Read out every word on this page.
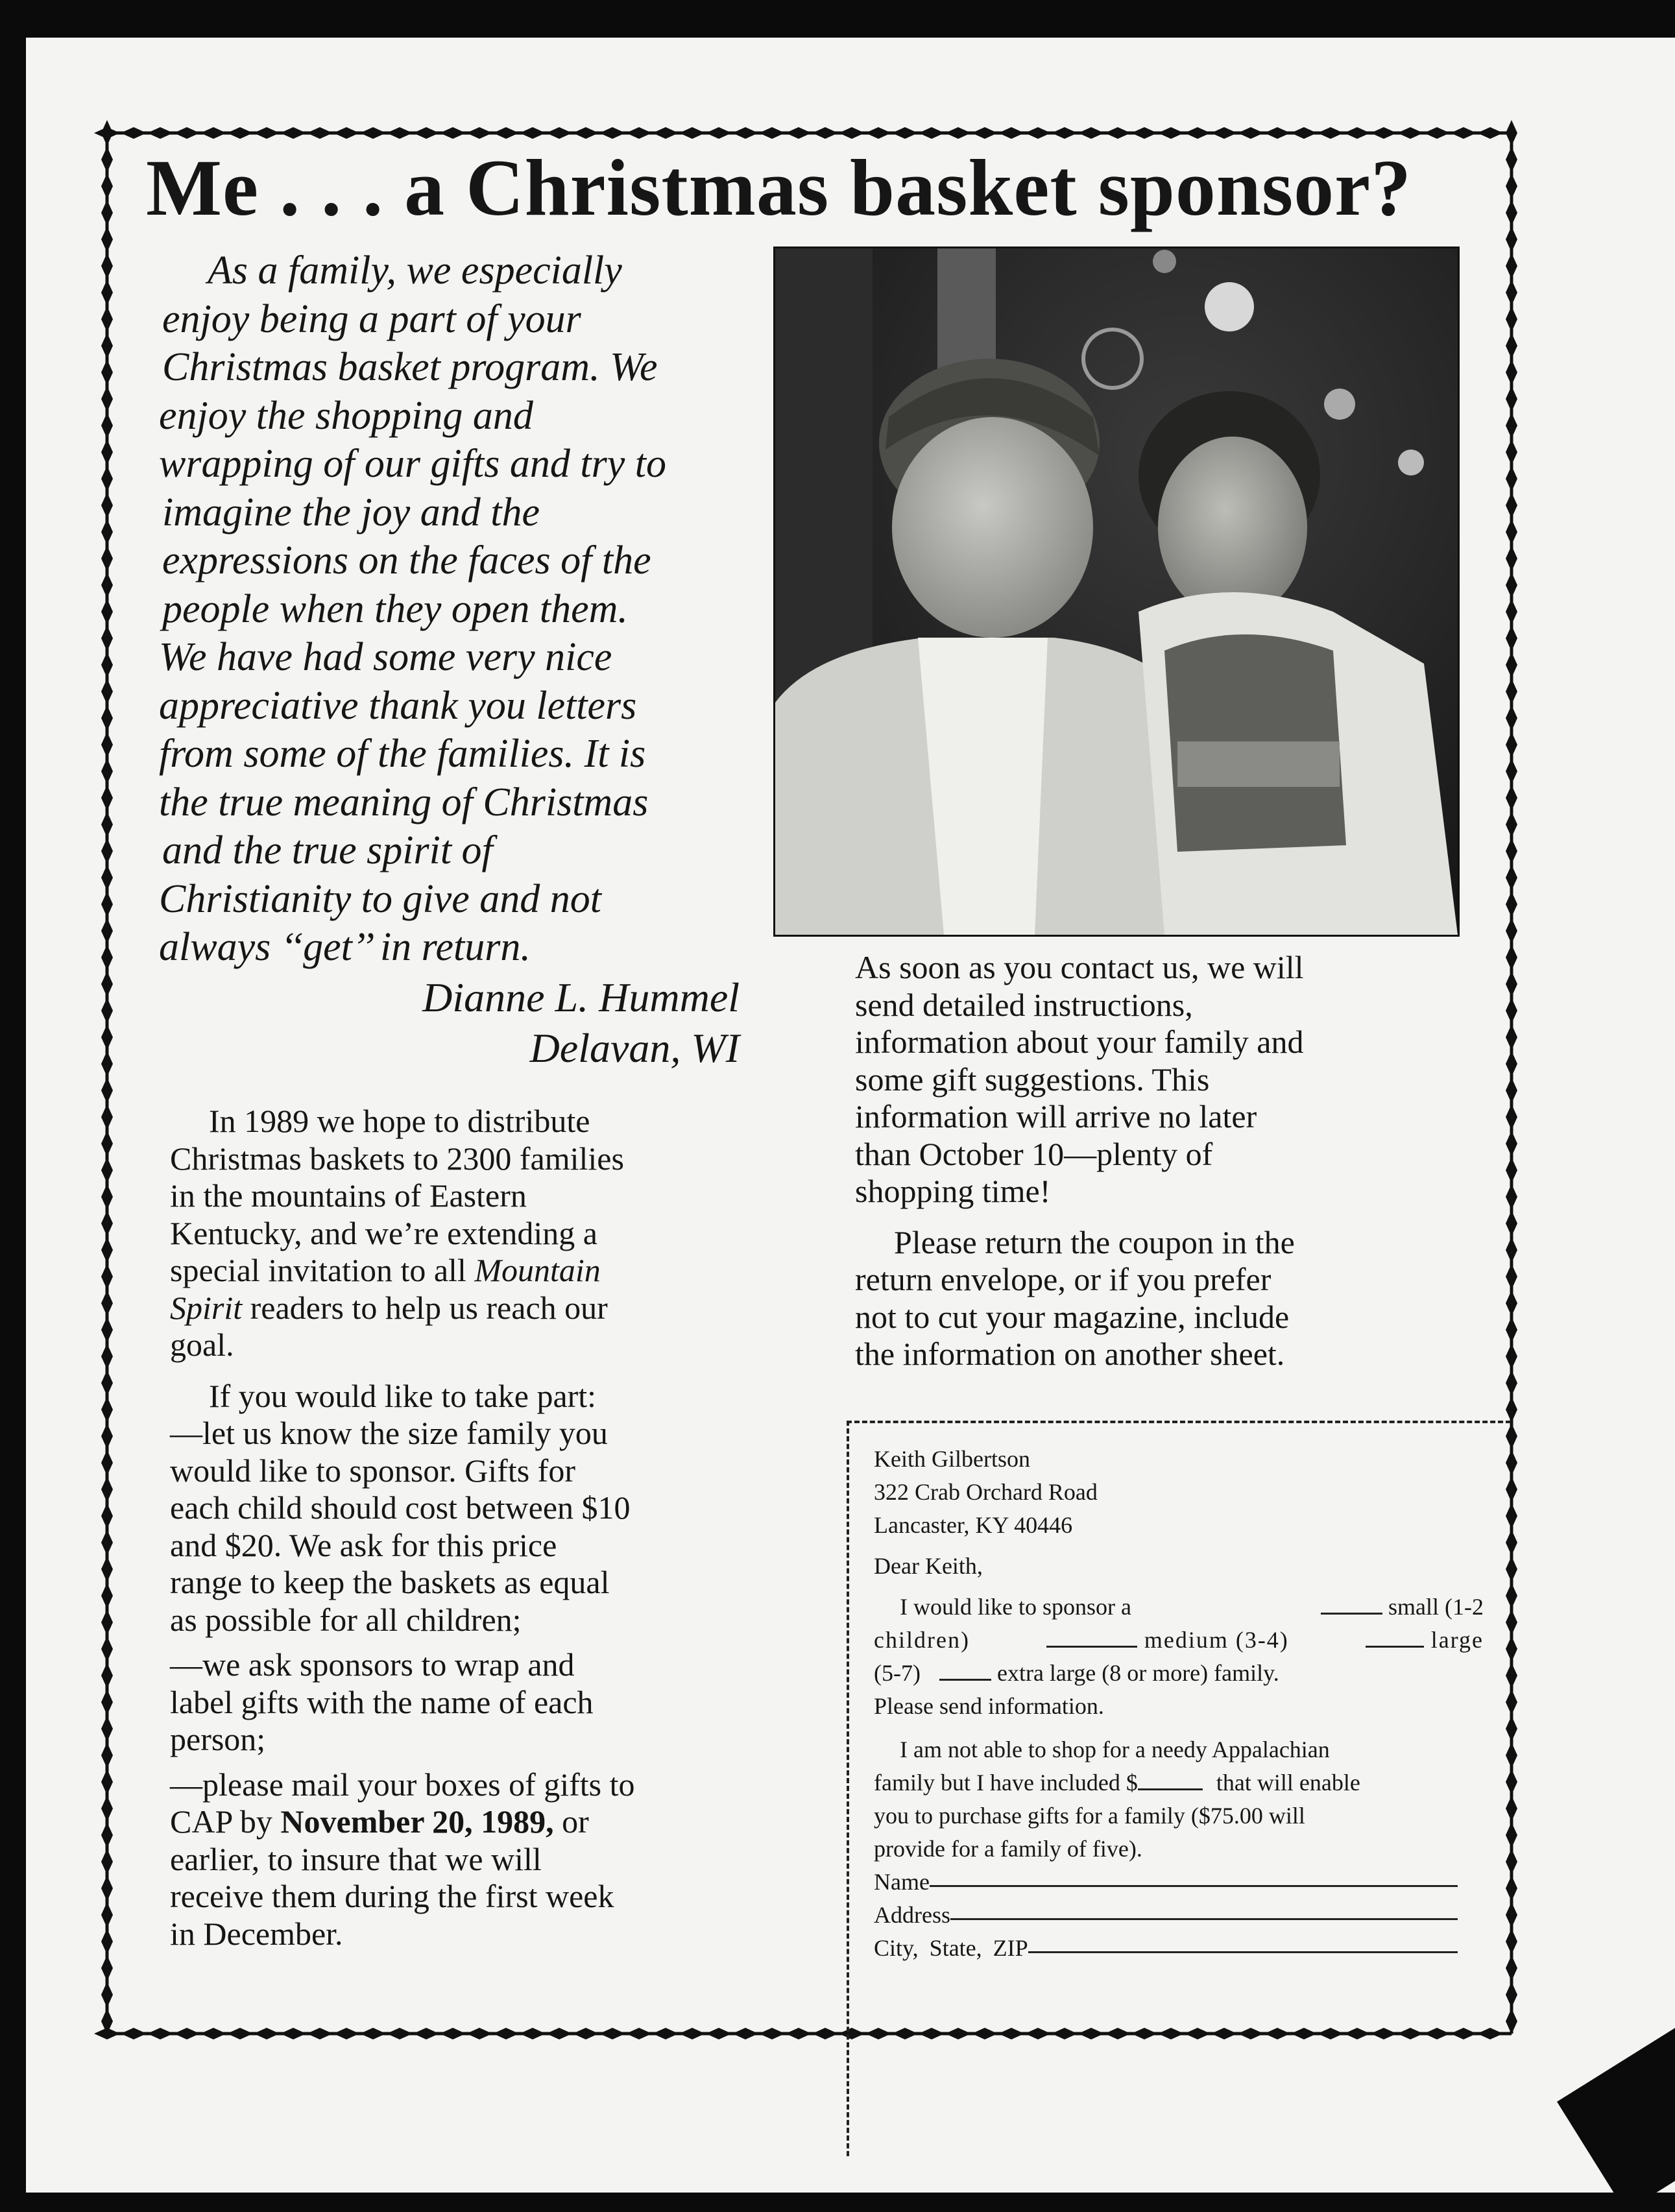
Me . . . a Christmas basket sponsor?
As a family, we especially
enjoy being a part of your
Christmas basket program. We
enjoy the shopping and
wrapping of our gifts and try to
imagine the joy and the
expressions on the faces of the
people when they open them.
We have had some very nice
appreciative thank you letters
from some of the families. It is
the true meaning of Christmas
and the true spirit of
Christianity to give and not
always ‘‘get’’ in return.
Dianne L. Hummel
Delavan, WI
In 1989 we hope to distribute
Christmas baskets to 2300 families
in the mountains of Eastern
Kentucky, and we’re extending a
special invitation to all Mountain
Spirit readers to help us reach our
goal.
If you would like to take part:
—let us know the size family you
would like to sponsor. Gifts for
each child should cost between $10
and $20. We ask for this price
range to keep the baskets as equal
as possible for all children;
—we ask sponsors to wrap and
label gifts with the name of each
person;
—please mail your boxes of gifts to
CAP by November 20, 1989, or
earlier, to insure that we will
receive them during the first week
in December.
As soon as you contact us, we will
send detailed instructions,
information about your family and
some gift suggestions. This
information will arrive no later
than October 10—plenty of
shopping time!
Please return the coupon in the
return envelope, or if you prefer
not to cut your magazine, include
the information on another sheet.
Keith Gilbertson
322 Crab Orchard Road
Lancaster, KY 40446
Dear Keith,
I would like to sponsor a	small (1-2
children)	medium (3-4)	large
(5-7)	extra large (8 or more) family.
Please send information.
I am not able to shop for a needy Appalachian
family but I have included $	that will enable
you to purchase gifts for a family ($75.00 will
provide for a family of five).
Name
Address
City, State, ZIP
